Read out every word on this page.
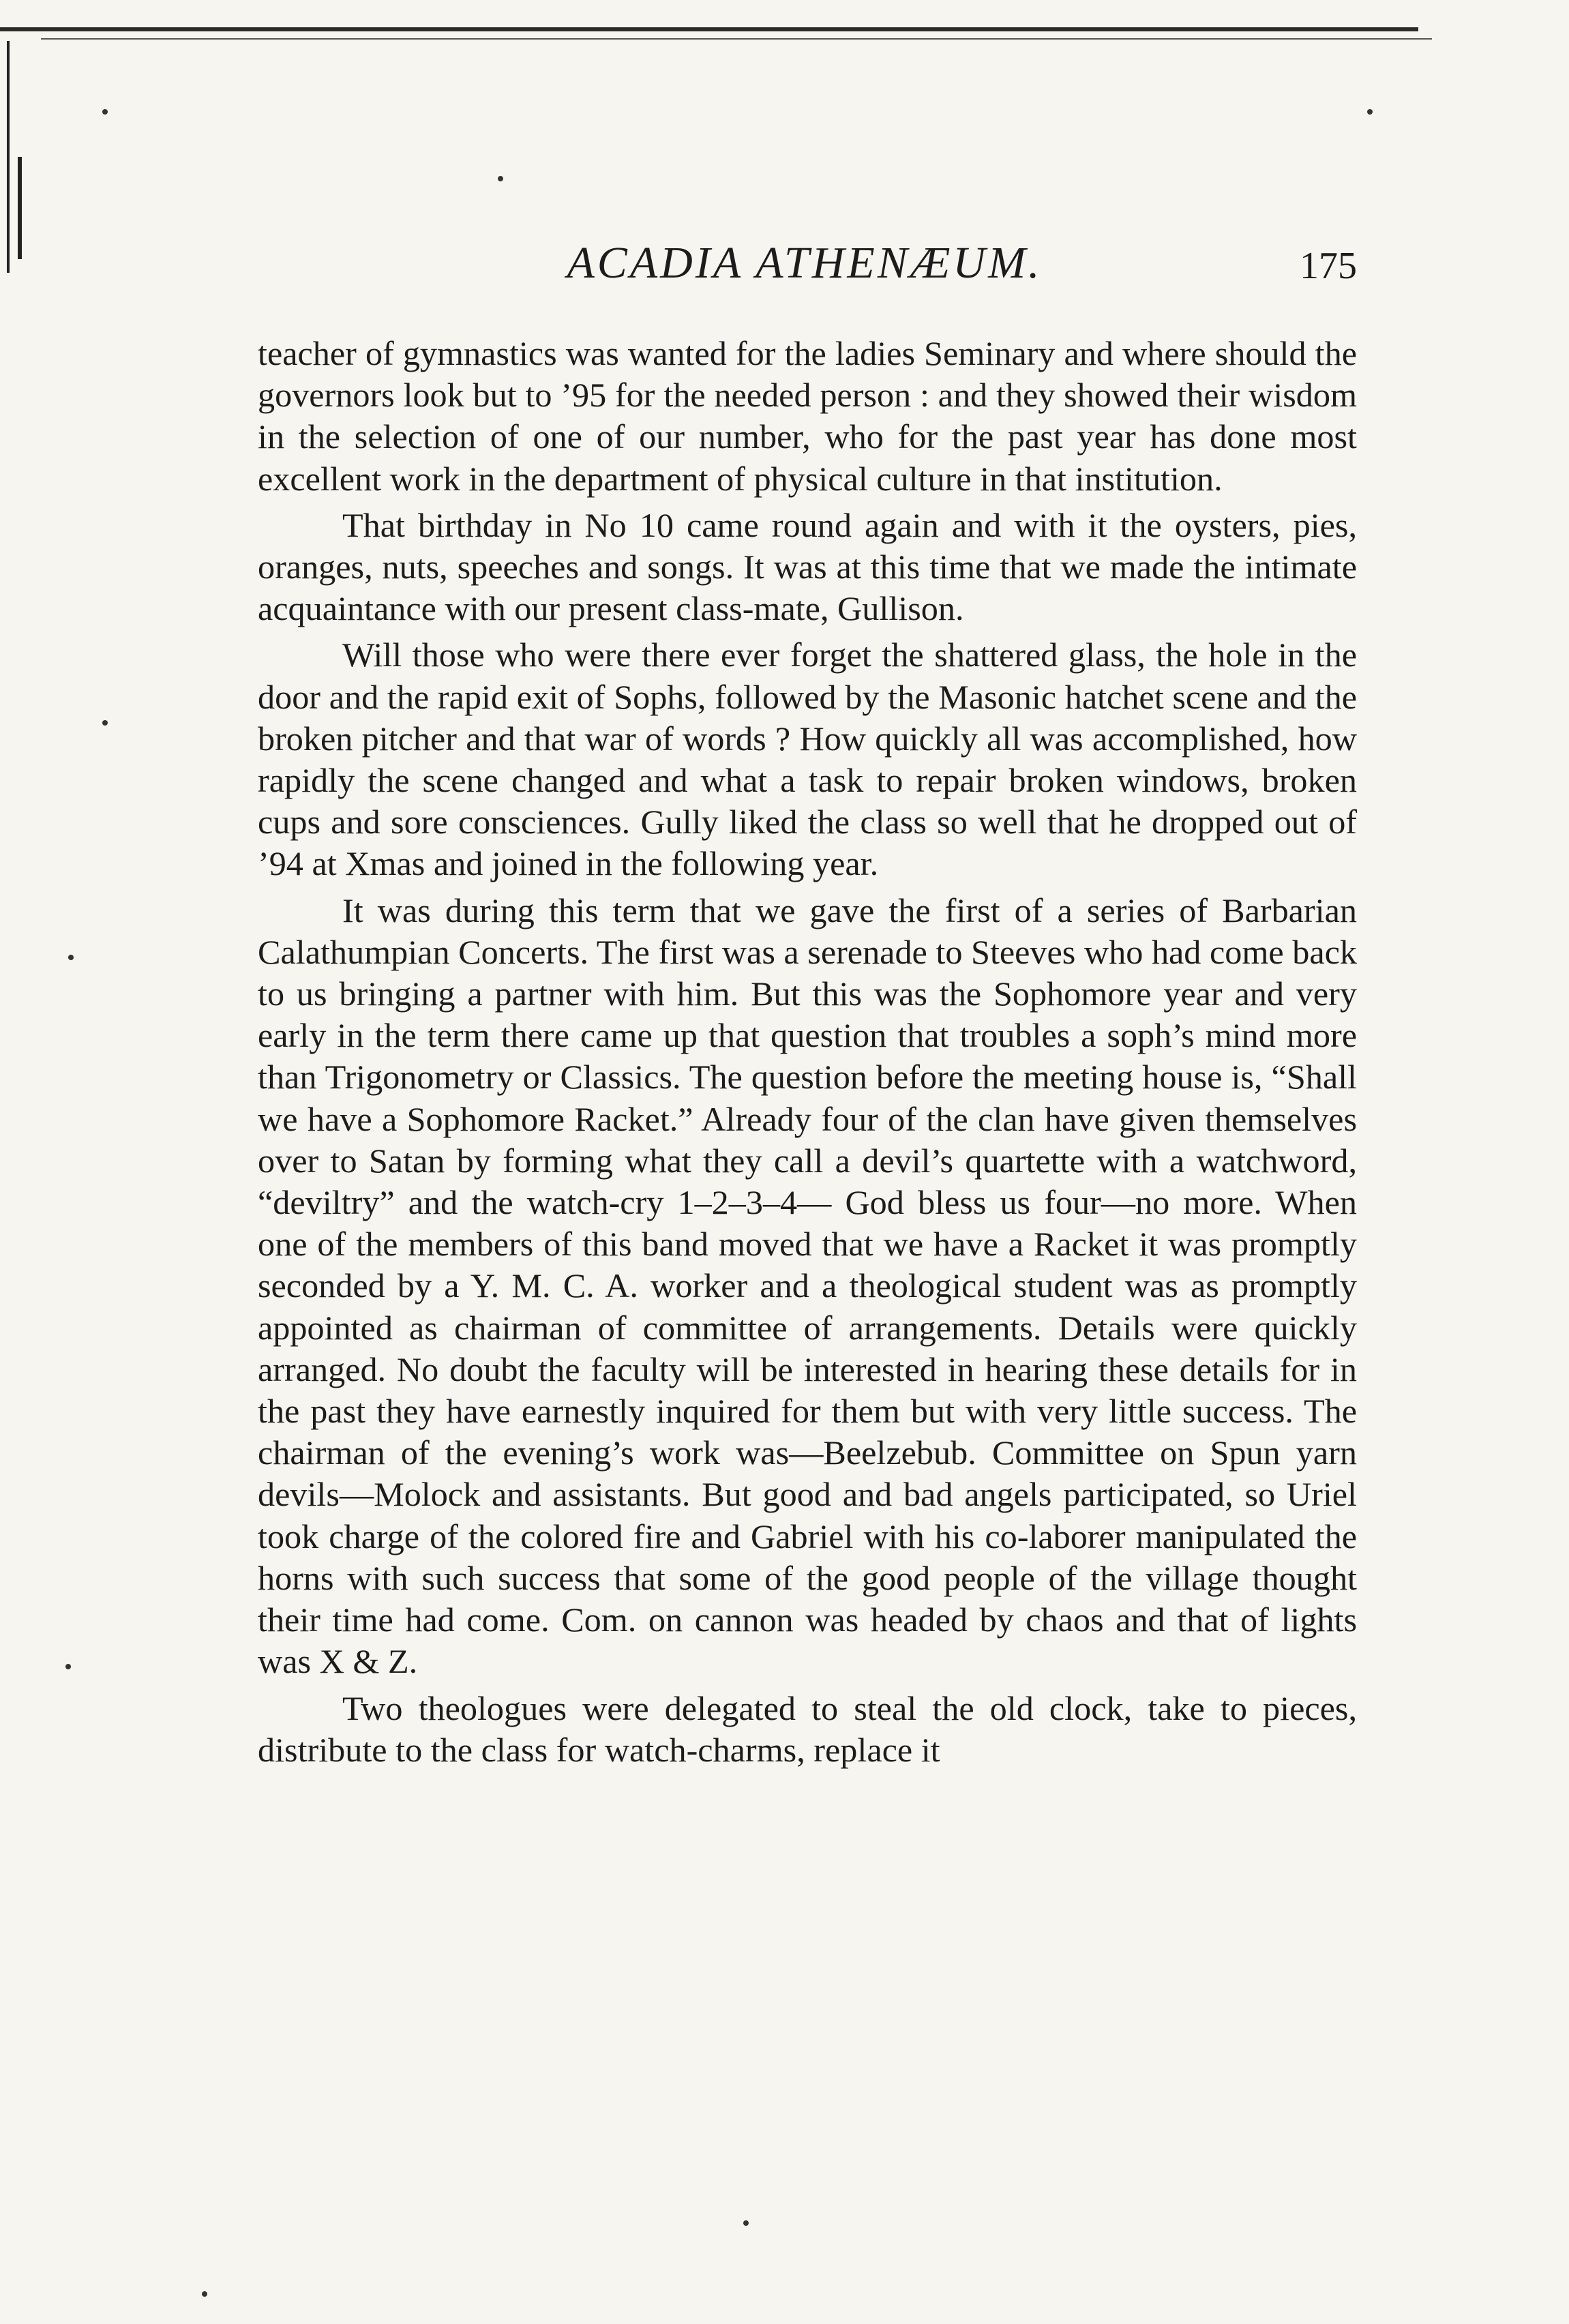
ACADIA ATHENÆUM.	175

teacher of gymnastics was wanted for the ladies Seminary and where should the governors look but to ’95 for the needed person : and they showed their wisdom in the selection of one of our number, who for the past year has done most excellent work in the department of physical culture in that institution.

That birthday in No 10 came round again and with it the oysters, pies, oranges, nuts, speeches and songs. It was at this time that we made the intimate acquaintance with our present class-mate, Gullison.

Will those who were there ever forget the shattered glass, the hole in the door and the rapid exit of Sophs, followed by the Masonic hatchet scene and the broken pitcher and that war of words ? How quickly all was accomplished, how rapidly the scene changed and what a task to repair broken windows, broken cups and sore consciences. Gully liked the class so well that he dropped out of ’94 at Xmas and joined in the following year.

It was during this term that we gave the first of a series of Barbarian Calathumpian Concerts. The first was a serenade to Steeves who had come back to us bringing a partner with him. But this was the Sophomore year and very early in the term there came up that question that troubles a soph’s mind more than Trigonometry or Classics. The question before the meeting house is, “Shall we have a Sophomore Racket.” Already four of the clan have given themselves over to Satan by forming what they call a devil’s quartette with a watchword, “deviltry” and the watch-cry 1–2–3–4— God bless us four—no more. When one of the members of this band moved that we have a Racket it was promptly seconded by a Y. M. C. A. worker and a theological student was as promptly appointed as chairman of committee of arrangements. Details were quickly arranged. No doubt the faculty will be interested in hearing these details for in the past they have earnestly inquired for them but with very little success. The chairman of the evening’s work was—Beelzebub. Committee on Spun yarn devils—Molock and assistants. But good and bad angels participated, so Uriel took charge of the colored fire and Gabriel with his co-laborer manipulated the horns with such success that some of the good people of the village thought their time had come. Com. on cannon was headed by chaos and that of lights was X & Z.

Two theologues were delegated to steal the old clock, take to pieces, distribute to the class for watch-charms, replace it
